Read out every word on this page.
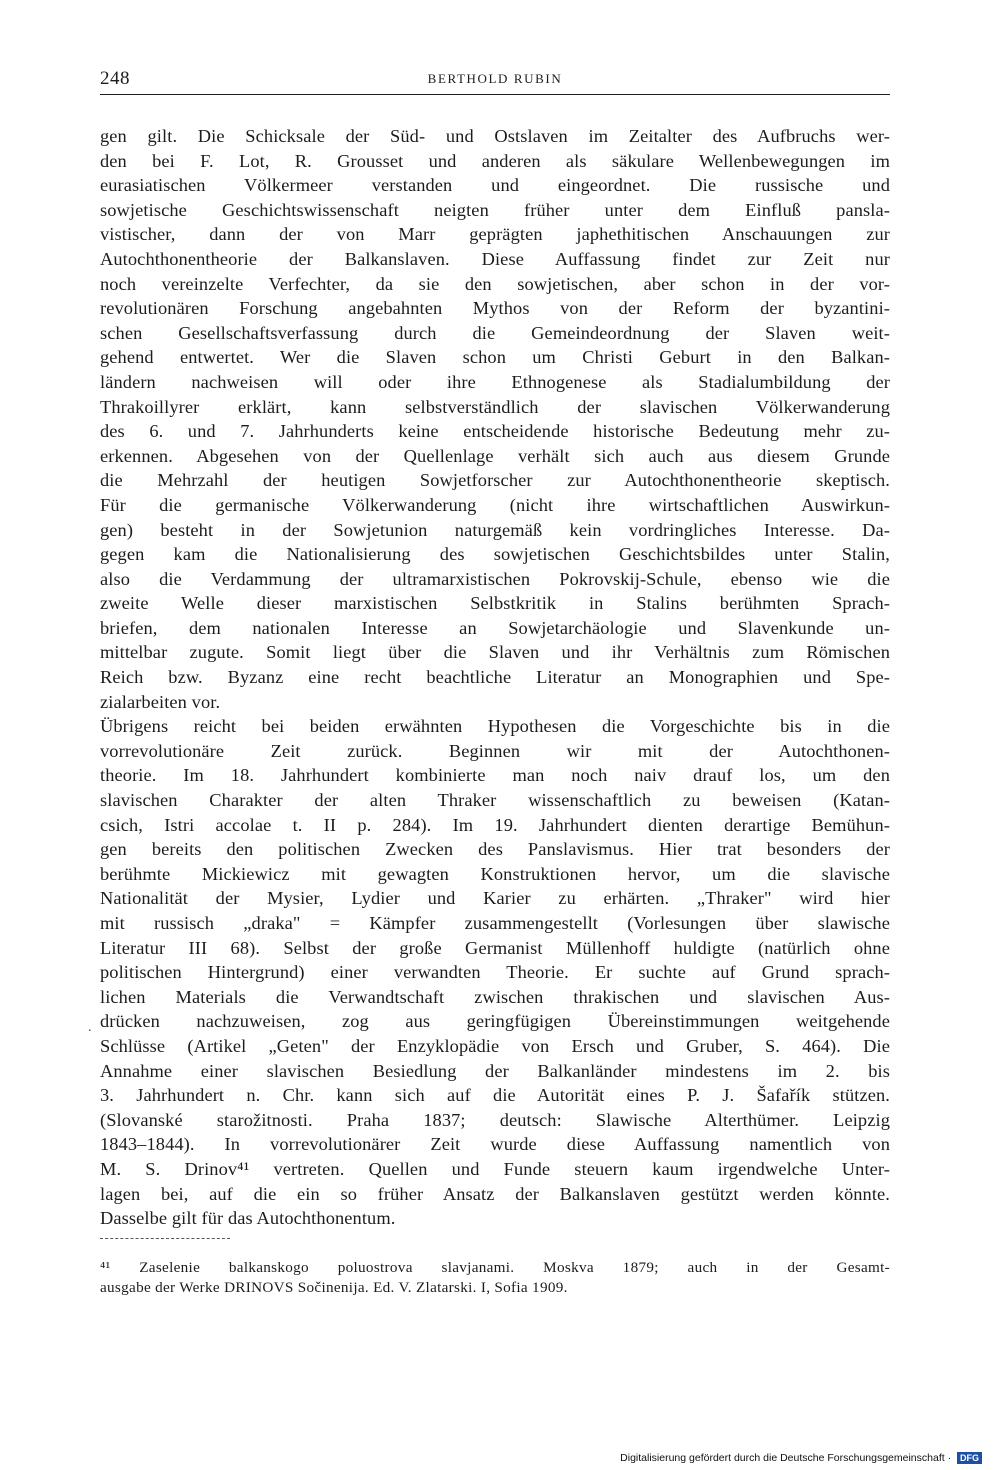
248	BERTHOLD RUBIN
gen gilt. Die Schicksale der Süd- und Ostslaven im Zeitalter des Aufbruchs wer-
den bei F. Lot, R. Grousset und anderen als säkulare Wellenbewegungen im
eurasiatischen Völkermeer verstanden und eingeordnet. Die russische und
sowjetische Geschichtswissenschaft neigten früher unter dem Einfluß pansla-
vistischer, dann der von Marr geprägten japhethitischen Anschauungen zur
Autochthonentheorie der Balkanslaven. Diese Auffassung findet zur Zeit nur
noch vereinzelte Verfechter, da sie den sowjetischen, aber schon in der vor-
revolutionären Forschung angebahnten Mythos von der Reform der byzantini-
schen Gesellschaftsverfassung durch die Gemeindeordnung der Slaven weit-
gehend entwertet. Wer die Slaven schon um Christi Geburt in den Balkan-
ländern nachweisen will oder ihre Ethnogenese als Stadialumbildung der
Thrakoillyrer erklärt, kann selbstverständlich der slavischen Völkerwanderung
des 6. und 7. Jahrhunderts keine entscheidende historische Bedeutung mehr zu-
erkennen. Abgesehen von der Quellenlage verhält sich auch aus diesem Grunde
die Mehrzahl der heutigen Sowjetforscher zur Autochthonentheorie skeptisch.
Für die germanische Völkerwanderung (nicht ihre wirtschaftlichen Auswirkun-
gen) besteht in der Sowjetunion naturgemäß kein vordringliches Interesse. Da-
gegen kam die Nationalisierung des sowjetischen Geschichtsbildes unter Stalin,
also die Verdammung der ultramarxistischen Pokrovskij-Schule, ebenso wie die
zweite Welle dieser marxistischen Selbstkritik in Stalins berühmten Sprach-
briefen, dem nationalen Interesse an Sowjetarchäologie und Slavenkunde un-
mittelbar zugute. Somit liegt über die Slaven und ihr Verhältnis zum Römischen
Reich bzw. Byzanz eine recht beachtliche Literatur an Monographien und Spe-
zialarbeiten vor.
Übrigens reicht bei beiden erwähnten Hypothesen die Vorgeschichte bis in die
vorrevolutionäre Zeit zurück. Beginnen wir mit der Autochthonen-
theorie. Im 18. Jahrhundert kombinierte man noch naiv drauf los, um den
slavischen Charakter der alten Thraker wissenschaftlich zu beweisen (Katan-
csich, Istri accolae t. II p. 284). Im 19. Jahrhundert dienten derartige Bemühun-
gen bereits den politischen Zwecken des Panslavismus. Hier trat besonders der
berühmte Mickiewicz mit gewagten Konstruktionen hervor, um die slavische
Nationalität der Mysier, Lydier und Karier zu erhärten. „Thraker" wird hier
mit russisch „draka" = Kämpfer zusammengestellt (Vorlesungen über slawische
Literatur III 68). Selbst der große Germanist Müllenhoff huldigte (natürlich ohne
politischen Hintergrund) einer verwandten Theorie. Er suchte auf Grund sprach-
lichen Materials die Verwandtschaft zwischen thrakischen und slavischen Aus-
drücken nachzuweisen, zog aus geringfügigen Übereinstimmungen weitgehende
Schlüsse (Artikel „Geten" der Enzyklopädie von Ersch und Gruber, S. 464). Die
Annahme einer slavischen Besiedlung der Balkanländer mindestens im 2. bis
3. Jahrhundert n. Chr. kann sich auf die Autorität eines P. J. Šafařík stützen.
(Slovanské starožitnosti. Praha 1837; deutsch: Slawische Alterthümer. Leipzig
1843–1844). In vorrevolutionärer Zeit wurde diese Auffassung namentlich von
M. S. Drinov⁴¹ vertreten. Quellen und Funde steuern kaum irgendwelche Unter-
lagen bei, auf die ein so früher Ansatz der Balkanslaven gestützt werden könnte.
Dasselbe gilt für das Autochthonentum.
.
⁴¹ Zaselenie balkanskogo poluostrova slavjanami. Moskva 1879; auch in der Gesamt-
ausgabe der Werke DRINOVS Sočinenija. Ed. V. Zlatarski. I, Sofia 1909.
Digitalisierung gefördert durch die Deutsche Forschungsgemeinschaft · DFG
